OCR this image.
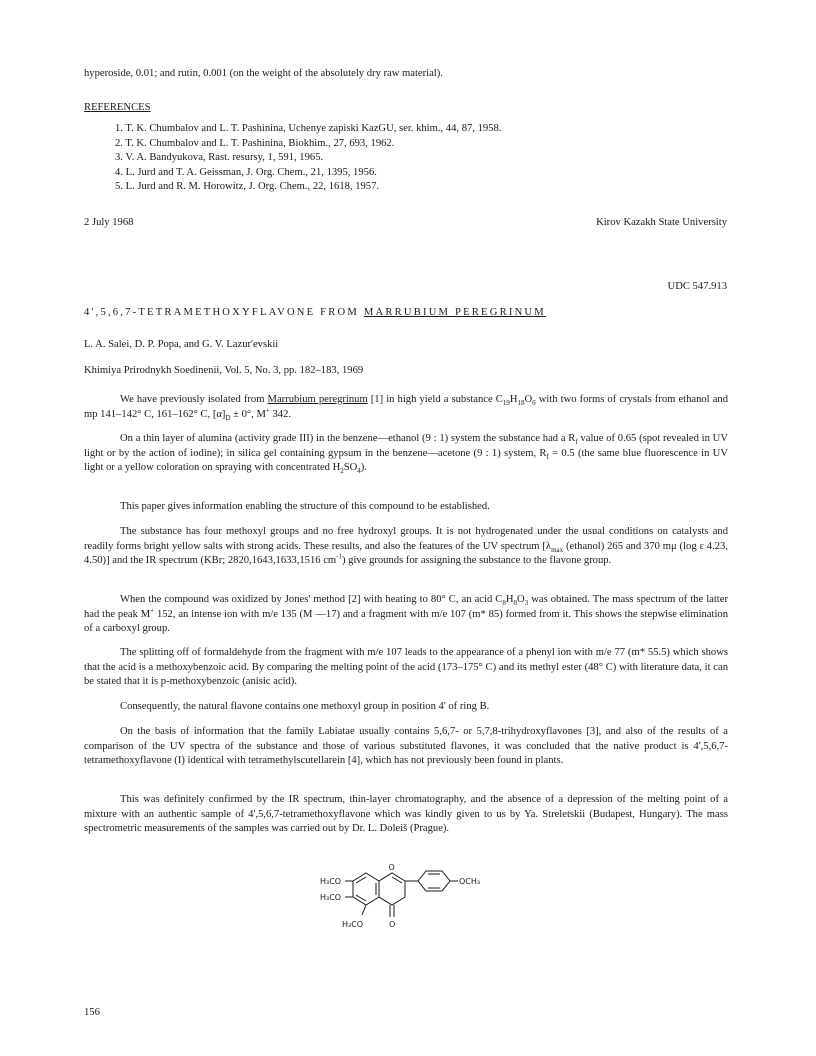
hyperoside, 0.01; and rutin, 0.001 (on the weight of the absolutely dry raw material).
REFERENCES
1. T. K. Chumbalov and L. T. Pashinina, Uchenye zapiski KazGU, ser. khim., 44, 87, 1958.
2. T. K. Chumbalov and L. T. Pashinina, Biokhim., 27, 693, 1962.
3. V. A. Bandyukova, Rast. resursy, 1, 591, 1965.
4. L. Jurd and T. A. Geissman, J. Org. Chem., 21, 1395, 1956.
5. L. Jurd and R. M. Horowitz, J. Org. Chem., 22, 1618, 1957.
2 July 1968	Kirov Kazakh State University
UDC 547.913
4',5,6,7-TETRAMETHOXYFLAVONE FROM MARRUBIUM PEREGRINUM
L. A. Salei, D. P. Popa, and G. V. Lazur'evskii
Khimiya Prirodnykh Soedinenii, Vol. 5, No. 3, pp. 182–183, 1969

We have previously isolated from Marrubium peregrinum [1] in high yield a substance $C_{19}H_{18}O_6$ with two forms of crystals from ethanol and mp 141–142° C, 161–162° C, $[\alpha]_D \pm 0^\circ$, M+ 342.

On a thin layer of alumina (activity grade III) in the benzene—ethanol (9 : 1) system the substance had a $R_f$ value of 0.65 (spot revealed in UV light or by the action of iodine); in silica gel containing gypsum in the benzene—acetone (9 : 1) system, $R_f = 0.5$ (the same blue fluorescence in UV light or a yellow coloration on spraying with concentrated $H_2SO_4$).

This paper gives information enabling the structure of this compound to be established.

The substance has four methoxyl groups and no free hydroxyl groups. It is not hydrogenated under the usual conditions on catalysts and readily forms bright yellow salts with strong acids. These results, and also the features of the UV spectrum [$\lambda_{max}$ (ethanol) 265 and 370 mμ (log ε 4.23, 4.50)] and the IR spectrum (KBr; 2820,1643,1633,1516 $cm^{-1}$) give grounds for assigning the substance to the flavone group.

When the compound was oxidized by Jones' method [2] with heating to 80° C, an acid $C_8H_8O_3$ was obtained. The mass spectrum of the latter had the peak M+ 152, an intense ion with m/e 135 (M —17) and a fragment with m/e 107 (m* 85) formed from it. This shows the stepwise elimination of a carboxyl group.

The splitting off of formaldehyde from the fragment with m/e 107 leads to the appearance of a phenyl ion with m/e 77 (m* 55.5) which shows that the acid is a methoxybenzoic acid. By comparing the melting point of the acid (173–175° C) and its methyl ester (48° C) with literature data, it can be stated that it is p-methoxybenzoic (anisic acid).

Consequently, the natural flavone contains one methoxyl group in position 4' of ring B.

On the basis of information that the family Labiatae usually contains 5,6,7- or 5,7,8-trihydroxyflavones [3], and also of the results of a comparison of the UV spectra of the substance and those of various substituted flavones, it was concluded that the native product is 4',5,6,7-tetramethoxyflavone (I) identical with tetramethylscutellarein [4], which has not previously been found in plants.

This was definitely confirmed by the IR spectrum, thin-layer chromatography, and the absence of a depression of the melting point of a mixture with an authentic sample of 4',5,6,7-tetramethoxyflavone which was kindly given to us by Ya. Streletskii (Budapest, Hungary). The mass spectrometric measurements of the samples was carried out by Dr. L. Doleiš (Prague).

O
O
OCH₃
H₃CO
H₃CO
H₃CO
156
